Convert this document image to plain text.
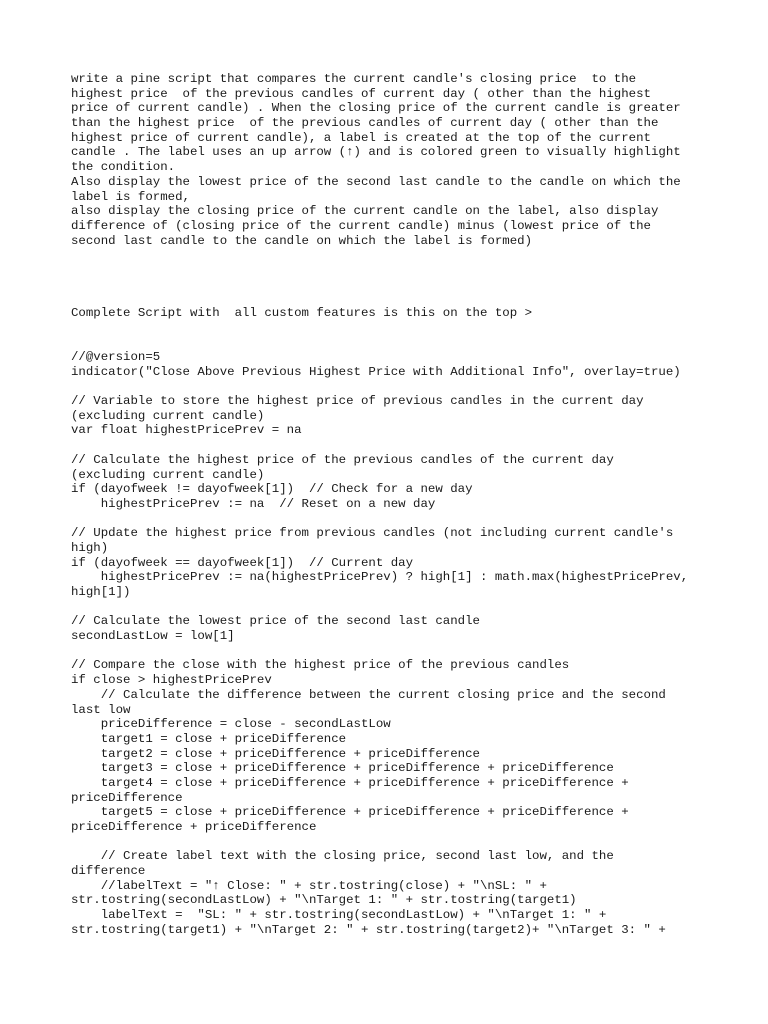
write a pine script that compares the current candle's closing price  to the
highest price  of the previous candles of current day ( other than the highest
price of current candle) . When the closing price of the current candle is greater
than the highest price  of the previous candles of current day ( other than the
highest price of current candle), a label is created at the top of the current
candle . The label uses an up arrow (↑) and is colored green to visually highlight
the condition.
Also display the lowest price of the second last candle to the candle on which the
label is formed,
also display the closing price of the current candle on the label, also display
difference of (closing price of the current candle) minus (lowest price of the
second last candle to the candle on which the label is formed)

Complete Script with  all custom features is this on the top >

//@version=5
indicator("Close Above Previous Highest Price with Additional Info", overlay=true)
// Variable to store the highest price of previous candles in the current day
(excluding current candle)
var float highestPricePrev = na
// Calculate the highest price of the previous candles of the current day
(excluding current candle)
if (dayofweek != dayofweek[1])  // Check for a new day
highestPricePrev := na  // Reset on a new day
// Update the highest price from previous candles (not including current candle's
high)
if (dayofweek == dayofweek[1])  // Current day
highestPricePrev := na(highestPricePrev) ? high[1] : math.max(highestPricePrev,
high[1])
// Calculate the lowest price of the second last candle
secondLastLow = low[1]
// Compare the close with the highest price of the previous candles
if close > highestPricePrev
// Calculate the difference between the current closing price and the second
last low
priceDifference = close - secondLastLow
target1 = close + priceDifference
target2 = close + priceDifference + priceDifference
target3 = close + priceDifference + priceDifference + priceDifference
target4 = close + priceDifference + priceDifference + priceDifference +
priceDifference
target5 = close + priceDifference + priceDifference + priceDifference +
priceDifference + priceDifference
// Create label text with the closing price, second last low, and the
difference
//labelText = "↑ Close: " + str.tostring(close) + "\nSL: " +
str.tostring(secondLastLow) + "\nTarget 1: " + str.tostring(target1)
labelText =  "SL: " + str.tostring(secondLastLow) + "\nTarget 1: " +
str.tostring(target1) + "\nTarget 2: " + str.tostring(target2)+ "\nTarget 3: " +
